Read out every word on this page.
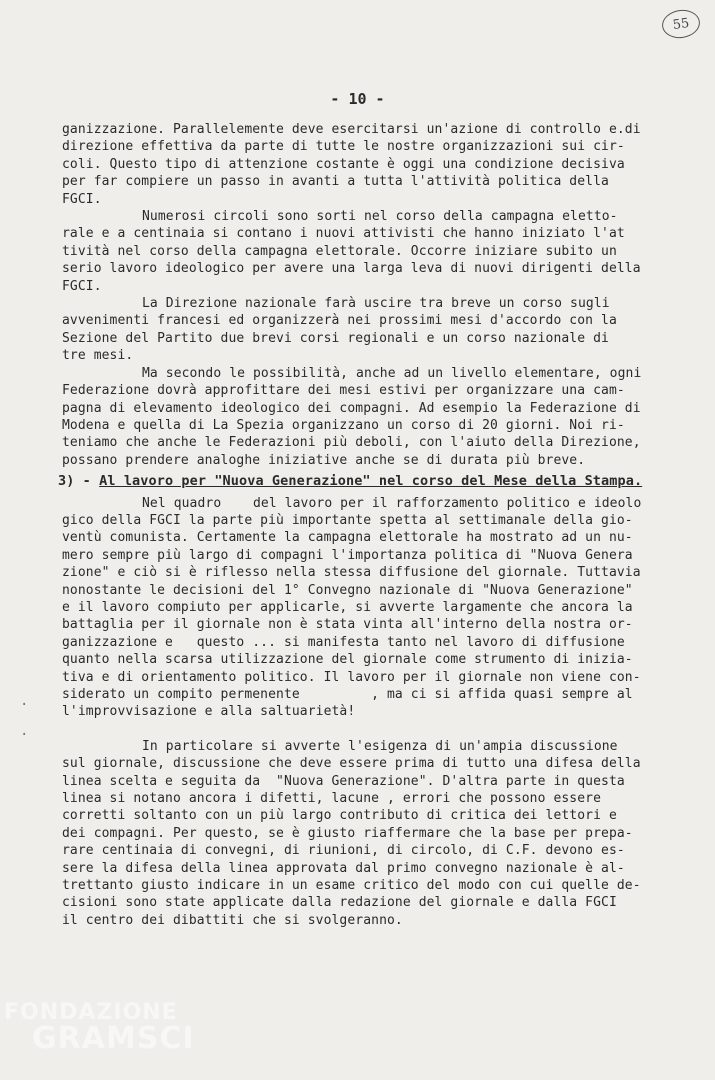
55
- 10 -

ganizzazione. Parallelemente deve esercitarsi un'azione di controllo e.di
direzione effettiva da parte di tutte le nostre organizzazioni sui cir-
coli. Questo tipo di attenzione costante è oggi una condizione decisiva
per far compiere un passo in avanti a tutta l'attività politica della
FGCI.

Numerosi circoli sono sorti nel corso della campagna eletto-
rale e a centinaia si contano i nuovi attivisti che hanno iniziato l'at
tività nel corso della campagna elettorale. Occorre iniziare subito un
serio lavoro ideologico per avere una larga leva di nuovi dirigenti della
FGCI.

La Direzione nazionale farà uscire tra breve un corso sugli
avvenimenti francesi ed organizzerà nei prossimi mesi d'accordo con la
Sezione del Partito due brevi corsi regionali e un corso nazionale di
tre mesi.

Ma secondo le possibilità, anche ad un livello elementare, ogni
Federazione dovrà approfittare dei mesi estivi per organizzare una cam-
pagna di elevamento ideologico dei compagni. Ad esempio la Federazione di
Modena e quella di La Spezia organizzano un corso di 20 giorni. Noi ri-
teniamo che anche le Federazioni più deboli, con l'aiuto della Direzione,
possano prendere analoghe iniziative anche se di durata più breve.

3) - Al lavoro per "Nuova Generazione" nel corso del Mese della Stampa.

Nel quadro    del lavoro per il rafforzamento politico e ideolo
gico della FGCI la parte più importante spetta al settimanale della gio-
ventù comunista. Certamente la campagna elettorale ha mostrato ad un nu-
mero sempre più largo di compagni l'importanza politica di "Nuova Genera
zione" e ciò si è riflesso nella stessa diffusione del giornale. Tuttavia
nonostante le decisioni del 1° Convegno nazionale di "Nuova Generazione"
e il lavoro compiuto per applicarle, si avverte largamente che ancora la
battaglia per il giornale non è stata vinta all'interno della nostra or-
ganizzazione e   questo ... si manifesta tanto nel lavoro di diffusione
quanto nella scarsa utilizzazione del giornale come strumento di inizia-
tiva e di orientamento politico. Il lavoro per il giornale non viene con-
siderato un compito permenente         , ma ci si affida quasi sempre al
l'improvvisazione e alla saltuarietà!

In particolare si avverte l'esigenza di un'ampia discussione
sul giornale, discussione che deve essere prima di tutto una difesa della
linea scelta e seguita da  "Nuova Generazione". D'altra parte in questa
linea si notano ancora i difetti, lacune , errori che possono essere
corretti soltanto con un più largo contributo di critica dei lettori e
dei compagni. Per questo, se è giusto riaffermare che la base per prepa-
rare centinaia di convegni, di riunioni, di circolo, di C.F. devono es-
sere la difesa della linea approvata dal primo convegno nazionale è al-
trettanto giusto indicare in un esame critico del modo con cui quelle de-
cisioni sono state applicate dalla redazione del giornale e dalla FGCI
il centro dei dibattiti che si svolgeranno.

·
·
FONDAZIONE
GRAMSCI
